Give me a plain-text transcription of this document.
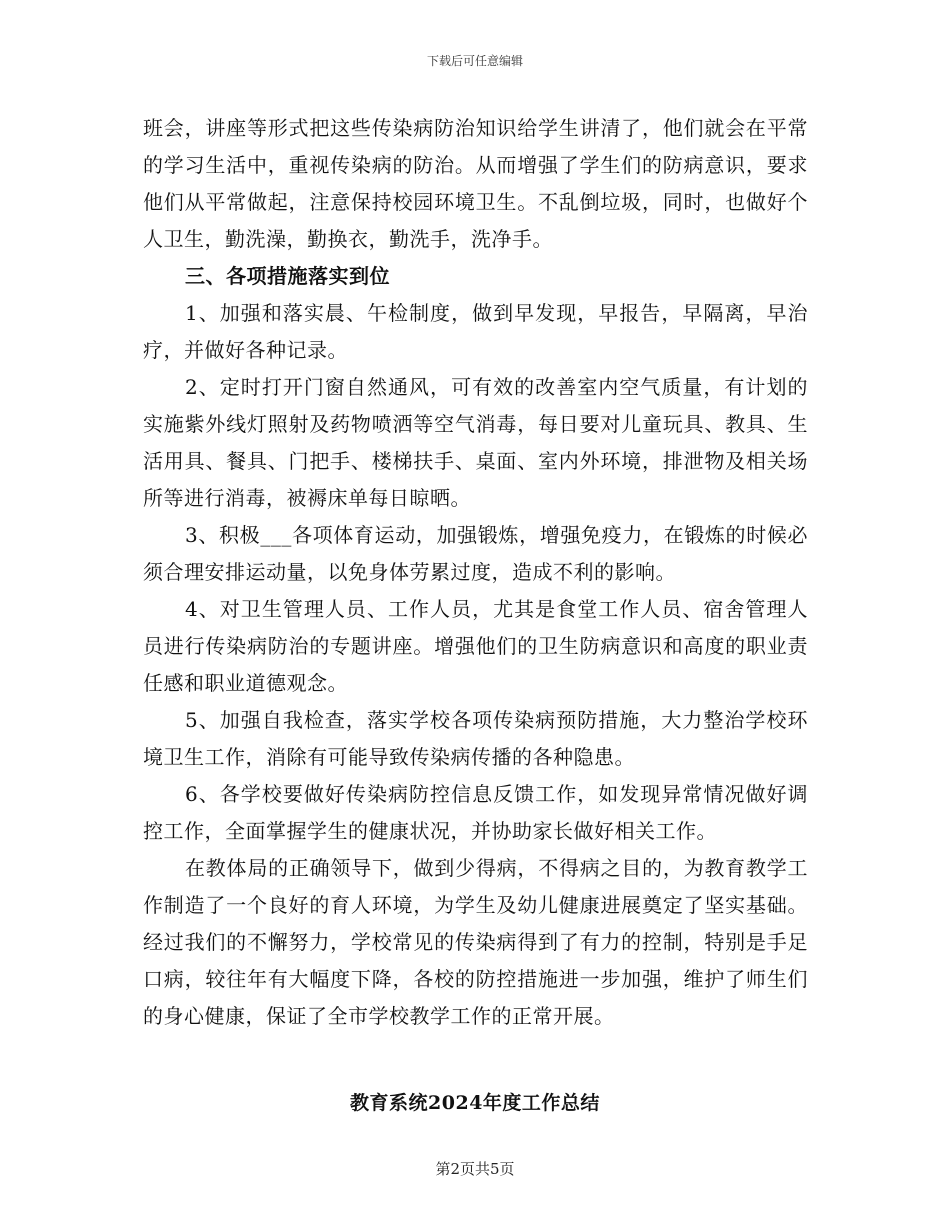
下载后可任意编辑

班会，讲座等形式把这些传染病防治知识给学生讲清了，他们就会在平常的学习生活中，重视传染病的防治。从而增强了学生们的防病意识，要求他们从平常做起，注意保持校园环境卫生。不乱倒垃圾，同时，也做好个人卫生，勤洗澡，勤换衣，勤洗手，洗净手。

三、各项措施落实到位

1、加强和落实晨、午检制度，做到早发现，早报告，早隔离，早治疗，并做好各种记录。

2、定时打开门窗自然通风，可有效的改善室内空气质量，有计划的实施紫外线灯照射及药物喷洒等空气消毒，每日要对儿童玩具、教具、生活用具、餐具、门把手、楼梯扶手、桌面、室内外环境，排泄物及相关场所等进行消毒，被褥床单每日晾晒。

3、积极___各项体育运动，加强锻炼，增强免疫力，在锻炼的时候必须合理安排运动量，以免身体劳累过度，造成不利的影响。

4、对卫生管理人员、工作人员，尤其是食堂工作人员、宿舍管理人员进行传染病防治的专题讲座。增强他们的卫生防病意识和高度的职业责任感和职业道德观念。

5、加强自我检查，落实学校各项传染病预防措施，大力整治学校环境卫生工作，消除有可能导致传染病传播的各种隐患。

6、各学校要做好传染病防控信息反馈工作，如发现异常情况做好调控工作，全面掌握学生的健康状况，并协助家长做好相关工作。

在教体局的正确领导下，做到少得病，不得病之目的，为教育教学工作制造了一个良好的育人环境，为学生及幼儿健康进展奠定了坚实基础。经过我们的不懈努力，学校常见的传染病得到了有力的控制，特别是手足口病，较往年有大幅度下降，各校的防控措施进一步加强，维护了师生们的身心健康，保证了全市学校教学工作的正常开展。

教育系统2024年度工作总结
第2页共5页
